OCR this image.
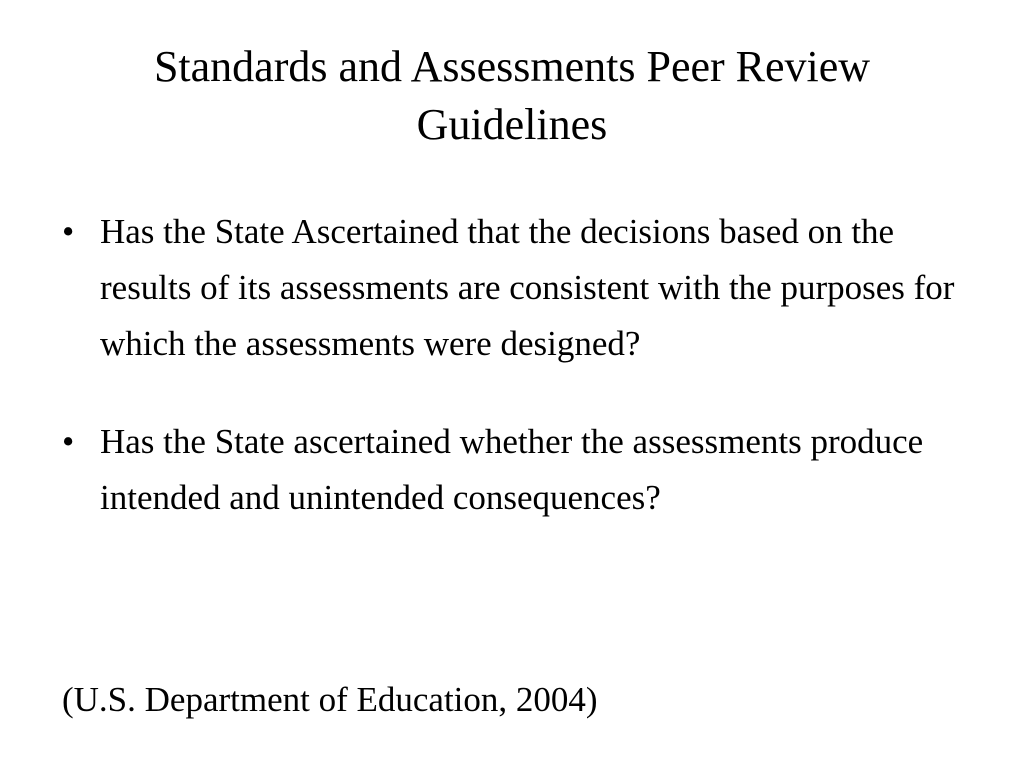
Standards and Assessments Peer Review Guidelines
• Has the State Ascertained that the decisions based on the results of its assessments are consistent with the purposes for which the assessments were designed?
• Has the State ascertained whether the assessments produce intended and unintended consequences?

(U.S. Department of Education, 2004)
